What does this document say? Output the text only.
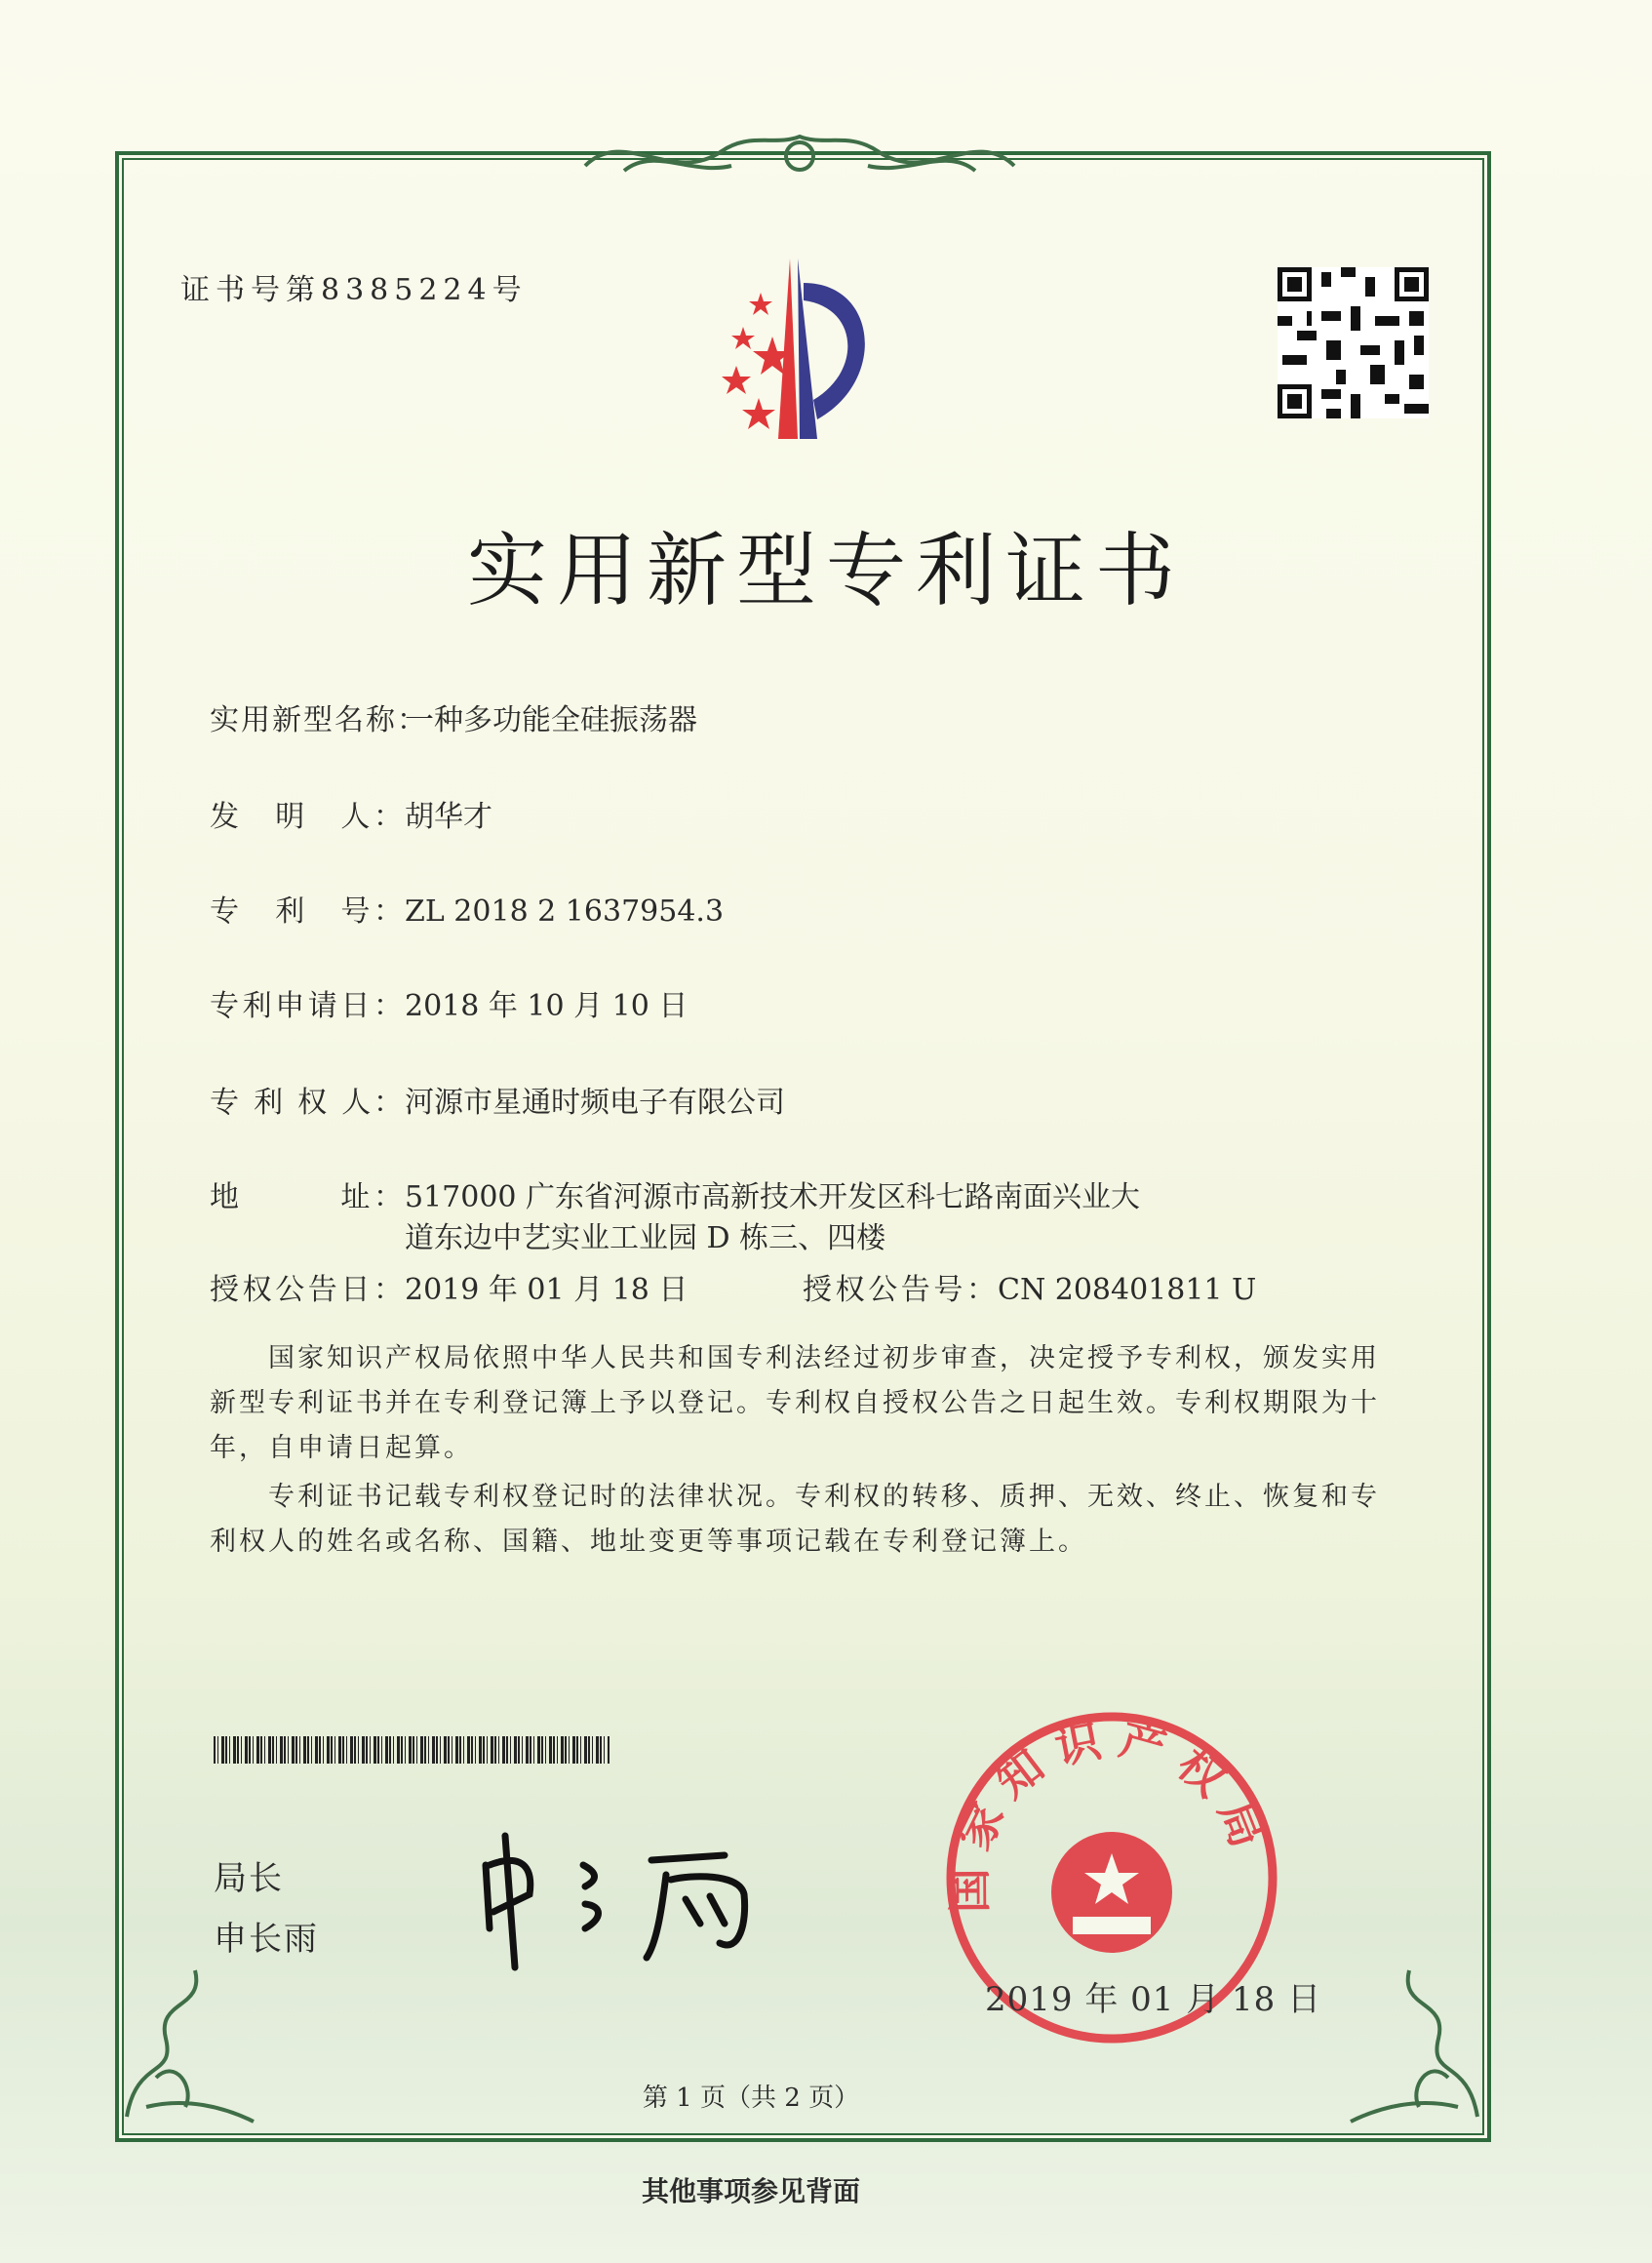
证书号第8385224号
实用新型专利证书
实用新型名称：一种多功能全硅振荡器
发　明　人：胡华才
专　利　号：ZL 2018 2 1637954.3
专利申请日：2018 年 10 月 10 日
专 利 权 人：河源市星通时频电子有限公司
地　　　址：517000 广东省河源市高新技术开发区科七路南面兴业大
道东边中艺实业工业园 D 栋三、四楼
授权公告日：2019 年 01 月 18 日	授权公告号：CN 208401811 U

国家知识产权局依照中华人民共和国专利法经过初步审查，决定授予专利权，颁发实用新型专利证书并在专利登记簿上予以登记。专利权自授权公告之日起生效。专利权期限为十年，自申请日起算。

专利证书记载专利权登记时的法律状况。专利权的转移、质押、无效、终止、恢复和专利权人的姓名或名称、国籍、地址变更等事项记载在专利登记簿上。

局长
申长雨
国家知识产权局
2019 年 01 月 18 日
第 1 页（共 2 页）
其他事项参见背面
